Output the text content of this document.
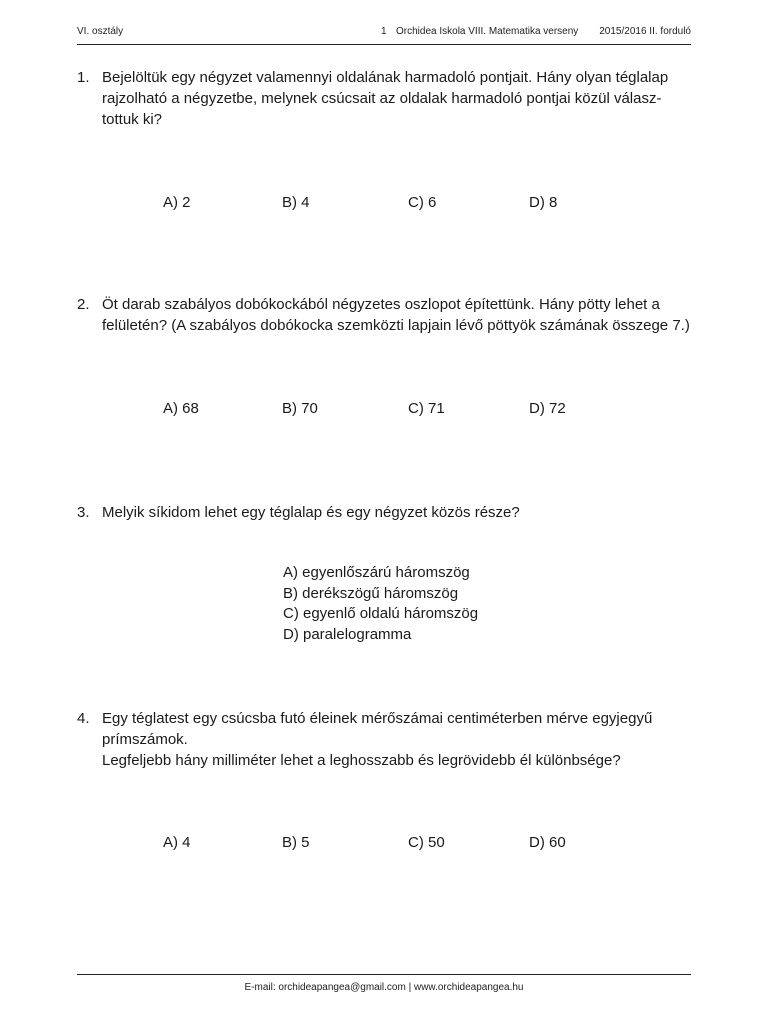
VI. osztály	1 Orchidea Iskola VIII. Matematika verseny 2015/2016 II. forduló
1. Bejelöltük egy négyzet valamennyi oldalának harmadoló pontjait. Hány olyan téglalap
rajzolható a négyzetbe, melynek csúcsait az oldalak harmadoló pontjai közül válasz-
tottuk ki?
A) 2	B) 4	C) 6	D) 8
2. Öt darab szabályos dobókockából négyzetes oszlopot építettünk. Hány pötty lehet a
felületén? (A szabályos dobókocka szemközti lapjain lévő pöttyök számának összege 7.)
A) 68	B) 70	C) 71	D) 72
3. Melyik síkidom lehet egy téglalap és egy négyzet közös része?
A) egyenlőszárú háromszög
B) derékszögű háromszög
C) egyenlő oldalú háromszög
D) paralelogramma
4. Egy téglatest egy csúcsba futó éleinek mérőszámai centiméterben mérve egyjegyű
prímszámok.
Legfeljebb hány milliméter lehet a leghosszabb és legrövidebb él különbsége?
A) 4	B) 5	C) 50	D) 60
E-mail: orchideapangea@gmail.com | www.orchideapangea.hu
